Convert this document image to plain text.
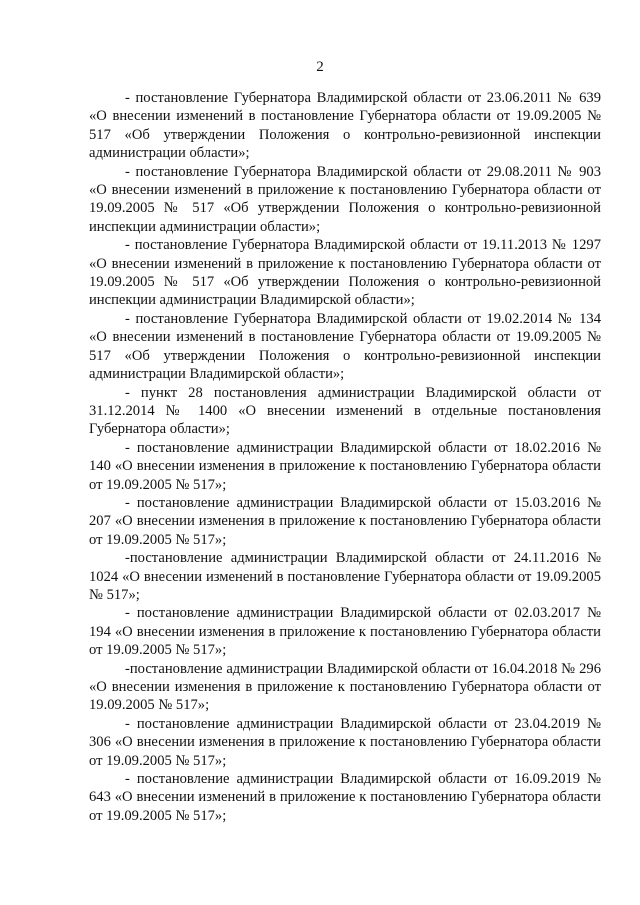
2

- постановление Губернатора Владимирской области от 23.06.2011 № 639 «О внесении изменений в постановление Губернатора области от 19.09.2005 № 517 «Об утверждении Положения о контрольно-ревизионной инспекции администрации области»;

- постановление Губернатора Владимирской области от 29.08.2011 № 903 «О внесении изменений в приложение к постановлению Губернатора области от 19.09.2005 № 517 «Об утверждении Положения о контрольно-ревизионной инспекции администрации области»;

- постановление Губернатора Владимирской области от 19.11.2013 № 1297 «О внесении изменений в приложение к постановлению Губернатора области от 19.09.2005 № 517 «Об утверждении Положения о контрольно-ревизионной инспекции администрации Владимирской области»;

- постановление Губернатора Владимирской области от 19.02.2014 № 134 «О внесении изменений в постановление Губернатора области от 19.09.2005 № 517 «Об утверждении Положения о контрольно-ревизионной инспекции администрации Владимирской области»;

- пункт 28 постановления администрации Владимирской области от 31.12.2014 № 1400 «О внесении изменений в отдельные постановления Губернатора области»;

- постановление администрации Владимирской области от 18.02.2016 № 140 «О внесении изменения в приложение к постановлению Губернатора области от 19.09.2005 № 517»;

- постановление администрации Владимирской области от 15.03.2016 № 207 «О внесении изменения в приложение к постановлению Губернатора области от 19.09.2005 № 517»;

-постановление администрации Владимирской области от 24.11.2016 № 1024 «О внесении изменений в постановление Губернатора области от 19.09.2005 № 517»;

- постановление администрации Владимирской области от 02.03.2017 № 194 «О внесении изменения в приложение к постановлению Губернатора области от 19.09.2005 № 517»;

-постановление администрации Владимирской области от 16.04.2018 № 296 «О внесении изменения в приложение к постановлению Губернатора области от 19.09.2005 № 517»;

- постановление администрации Владимирской области от 23.04.2019 № 306 «О внесении изменения в приложение к постановлению Губернатора области от 19.09.2005 № 517»;

- постановление администрации Владимирской области от 16.09.2019 № 643 «О внесении изменений в приложение к постановлению Губернатора области от 19.09.2005 № 517»;
